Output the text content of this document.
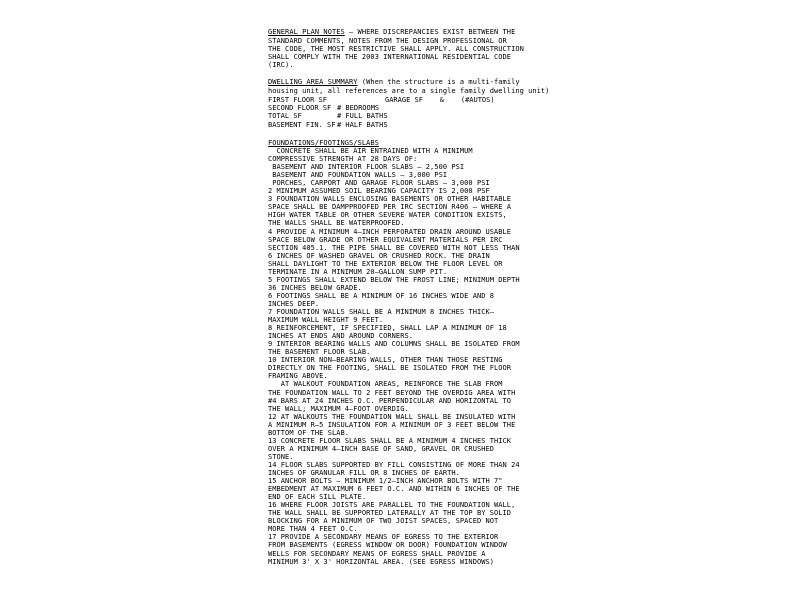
GENERAL PLAN NOTES – WHERE DISCREPANCIES EXIST BETWEEN THE
STANDARD COMMENTS, NOTES FROM THE DESIGN PROFESSIONAL OR
THE CODE, THE MOST RESTRICTIVE SHALL APPLY. ALL CONSTRUCTION
SHALL COMPLY WITH THE 2003 INTERNATIONAL RESIDENTIAL CODE
(IRC).
DWELLING AREA SUMMARY (When the structure is a multi-family
housing unit, all references are to a single family dwelling unit)
FIRST FLOOR SF	GARAGE SF    &    (#AUTOS)
SECOND FLOOR SF # BEDROOMS
TOTAL SF	# FULL BATHS
BASEMENT FIN. SF # HALF BATHS
FOUNDATIONS/FOOTINGS/SLABS
CONCRETE SHALL BE AIR ENTRAINED WITH A MINIMUM
COMPRESSIVE STRENGTH AT 28 DAYS OF:
BASEMENT AND INTERIOR FLOOR SLABS – 2,500 PSI
BASEMENT AND FOUNDATION WALLS – 3,000 PSI
PORCHES, CARPORT AND GARAGE FLOOR SLABS – 3,000 PSI
2 MINIMUM ASSUMED SOIL BEARING CAPACITY IS 2,000 PSF
3 FOUNDATION WALLS ENCLOSING BASEMENTS OR OTHER HABITABLE
SPACE SHALL BE DAMPPROOFED PER IRC SECTION R406 – WHERE A
HIGH WATER TABLE OR OTHER SEVERE WATER CONDITION EXISTS,
THE WALLS SHALL BE WATERPROOFED.
4 PROVIDE A MINIMUM 4–INCH PERFORATED DRAIN AROUND USABLE
SPACE BELOW GRADE OR OTHER EQUIVALENT MATERIALS PER IRC
SECTION 405.1. THE PIPE SHALL BE COVERED WITH NOT LESS THAN
6 INCHES OF WASHED GRAVEL OR CRUSHED ROCK. THE DRAIN
SHALL DAYLIGHT TO THE EXTERIOR BELOW THE FLOOR LEVEL OR
TERMINATE IN A MINIMUM 20–GALLON SUMP PIT.
5 FOOTINGS SHALL EXTEND BELOW THE FROST LINE; MINIMUM DEPTH
36 INCHES BELOW GRADE.
6 FOOTINGS SHALL BE A MINIMUM OF 16 INCHES WIDE AND 8
INCHES DEEP.
7 FOUNDATION WALLS SHALL BE A MINIMUM 8 INCHES THICK–
MAXIMUM WALL HEIGHT 9 FEET.
8 REINFORCEMENT, IF SPECIFIED, SHALL LAP A MINIMUM OF 18
INCHES AT ENDS AND AROUND CORNERS.
9 INTERIOR BEARING WALLS AND COLUMNS SHALL BE ISOLATED FROM
THE BASEMENT FLOOR SLAB.
10 INTERIOR NON–BEARING WALLS, OTHER THAN THOSE RESTING
DIRECTLY ON THE FOOTING, SHALL BE ISOLATED FROM THE FLOOR
FRAMING ABOVE.
AT WALKOUT FOUNDATION AREAS, REINFORCE THE SLAB FROM
THE FOUNDATION WALL TO 2 FEET BEYOND THE OVERDIG AREA WITH
#4 BARS AT 24 INCHES O.C. PERPENDICULAR AND HORIZONTAL TO
THE WALL; MAXIMUM 4–FOOT OVERDIG.
12 AT WALKOUTS THE FOUNDATION WALL SHALL BE INSULATED WITH
A MINIMUM R–5 INSULATION FOR A MINIMUM OF 3 FEET BELOW THE
BOTTOM OF THE SLAB.
13 CONCRETE FLOOR SLABS SHALL BE A MINIMUM 4 INCHES THICK
OVER A MINIMUM 4–INCH BASE OF SAND, GRAVEL OR CRUSHED
STONE.
14 FLOOR SLABS SUPPORTED BY FILL CONSISTING OF MORE THAN 24
INCHES OF GRANULAR FILL OR 8 INCHES OF EARTH.
15 ANCHOR BOLTS – MINIMUM 1/2–INCH ANCHOR BOLTS WITH 7"
EMBEDMENT AT MAXIMUM 6 FEET O.C. AND WITHIN 6 INCHES OF THE
END OF EACH SILL PLATE.
16 WHERE FLOOR JOISTS ARE PARALLEL TO THE FOUNDATION WALL,
THE WALL SHALL BE SUPPORTED LATERALLY AT THE TOP BY SOLID
BLOCKING FOR A MINIMUM OF TWO JOIST SPACES, SPACED NOT
MORE THAN 4 FEET O.C.
17 PROVIDE A SECONDARY MEANS OF EGRESS TO THE EXTERIOR
FROM BASEMENTS (EGRESS WINDOW OR DOOR) FOUNDATION WINDOW
WELLS FOR SECONDARY MEANS OF EGRESS SHALL PROVIDE A
MINIMUM 3' X 3' HORIZONTAL AREA. (SEE EGRESS WINDOWS)
